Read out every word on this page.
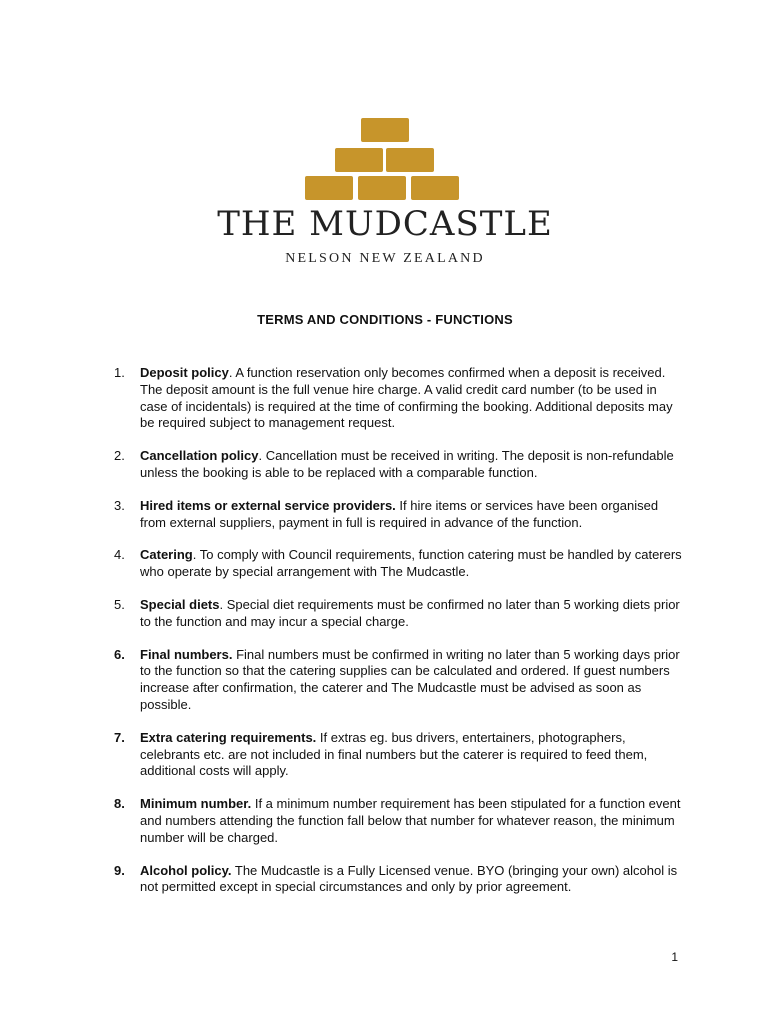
THE MUDCASTLE
NELSON NEW ZEALAND
TERMS AND CONDITIONS - FUNCTIONS
1. Deposit policy. A function reservation only becomes confirmed when a deposit is received. The deposit amount is the full venue hire charge. A valid credit card number (to be used in case of incidentals) is required at the time of confirming the booking. Additional deposits may be required subject to management request.
2. Cancellation policy. Cancellation must be received in writing. The deposit is non-refundable unless the booking is able to be replaced with a comparable function.
3. Hired items or external service providers. If hire items or services have been organised from external suppliers, payment in full is required in advance of the function.
4. Catering. To comply with Council requirements, function catering must be handled by caterers who operate by special arrangement with The Mudcastle.
5. Special diets. Special diet requirements must be confirmed no later than 5 working diets prior to the function and may incur a special charge.
6. Final numbers. Final numbers must be confirmed in writing no later than 5 working days prior to the function so that the catering supplies can be calculated and ordered. If guest numbers increase after confirmation, the caterer and The Mudcastle must be advised as soon as possible.
7. Extra catering requirements. If extras eg. bus drivers, entertainers, photographers, celebrants etc. are not included in final numbers but the caterer is required to feed them, additional costs will apply.
8. Minimum number. If a minimum number requirement has been stipulated for a function event and numbers attending the function fall below that number for whatever reason, the minimum number will be charged.
9. Alcohol policy. The Mudcastle is a Fully Licensed venue. BYO (bringing your own) alcohol is not permitted except in special circumstances and only by prior agreement.
1
